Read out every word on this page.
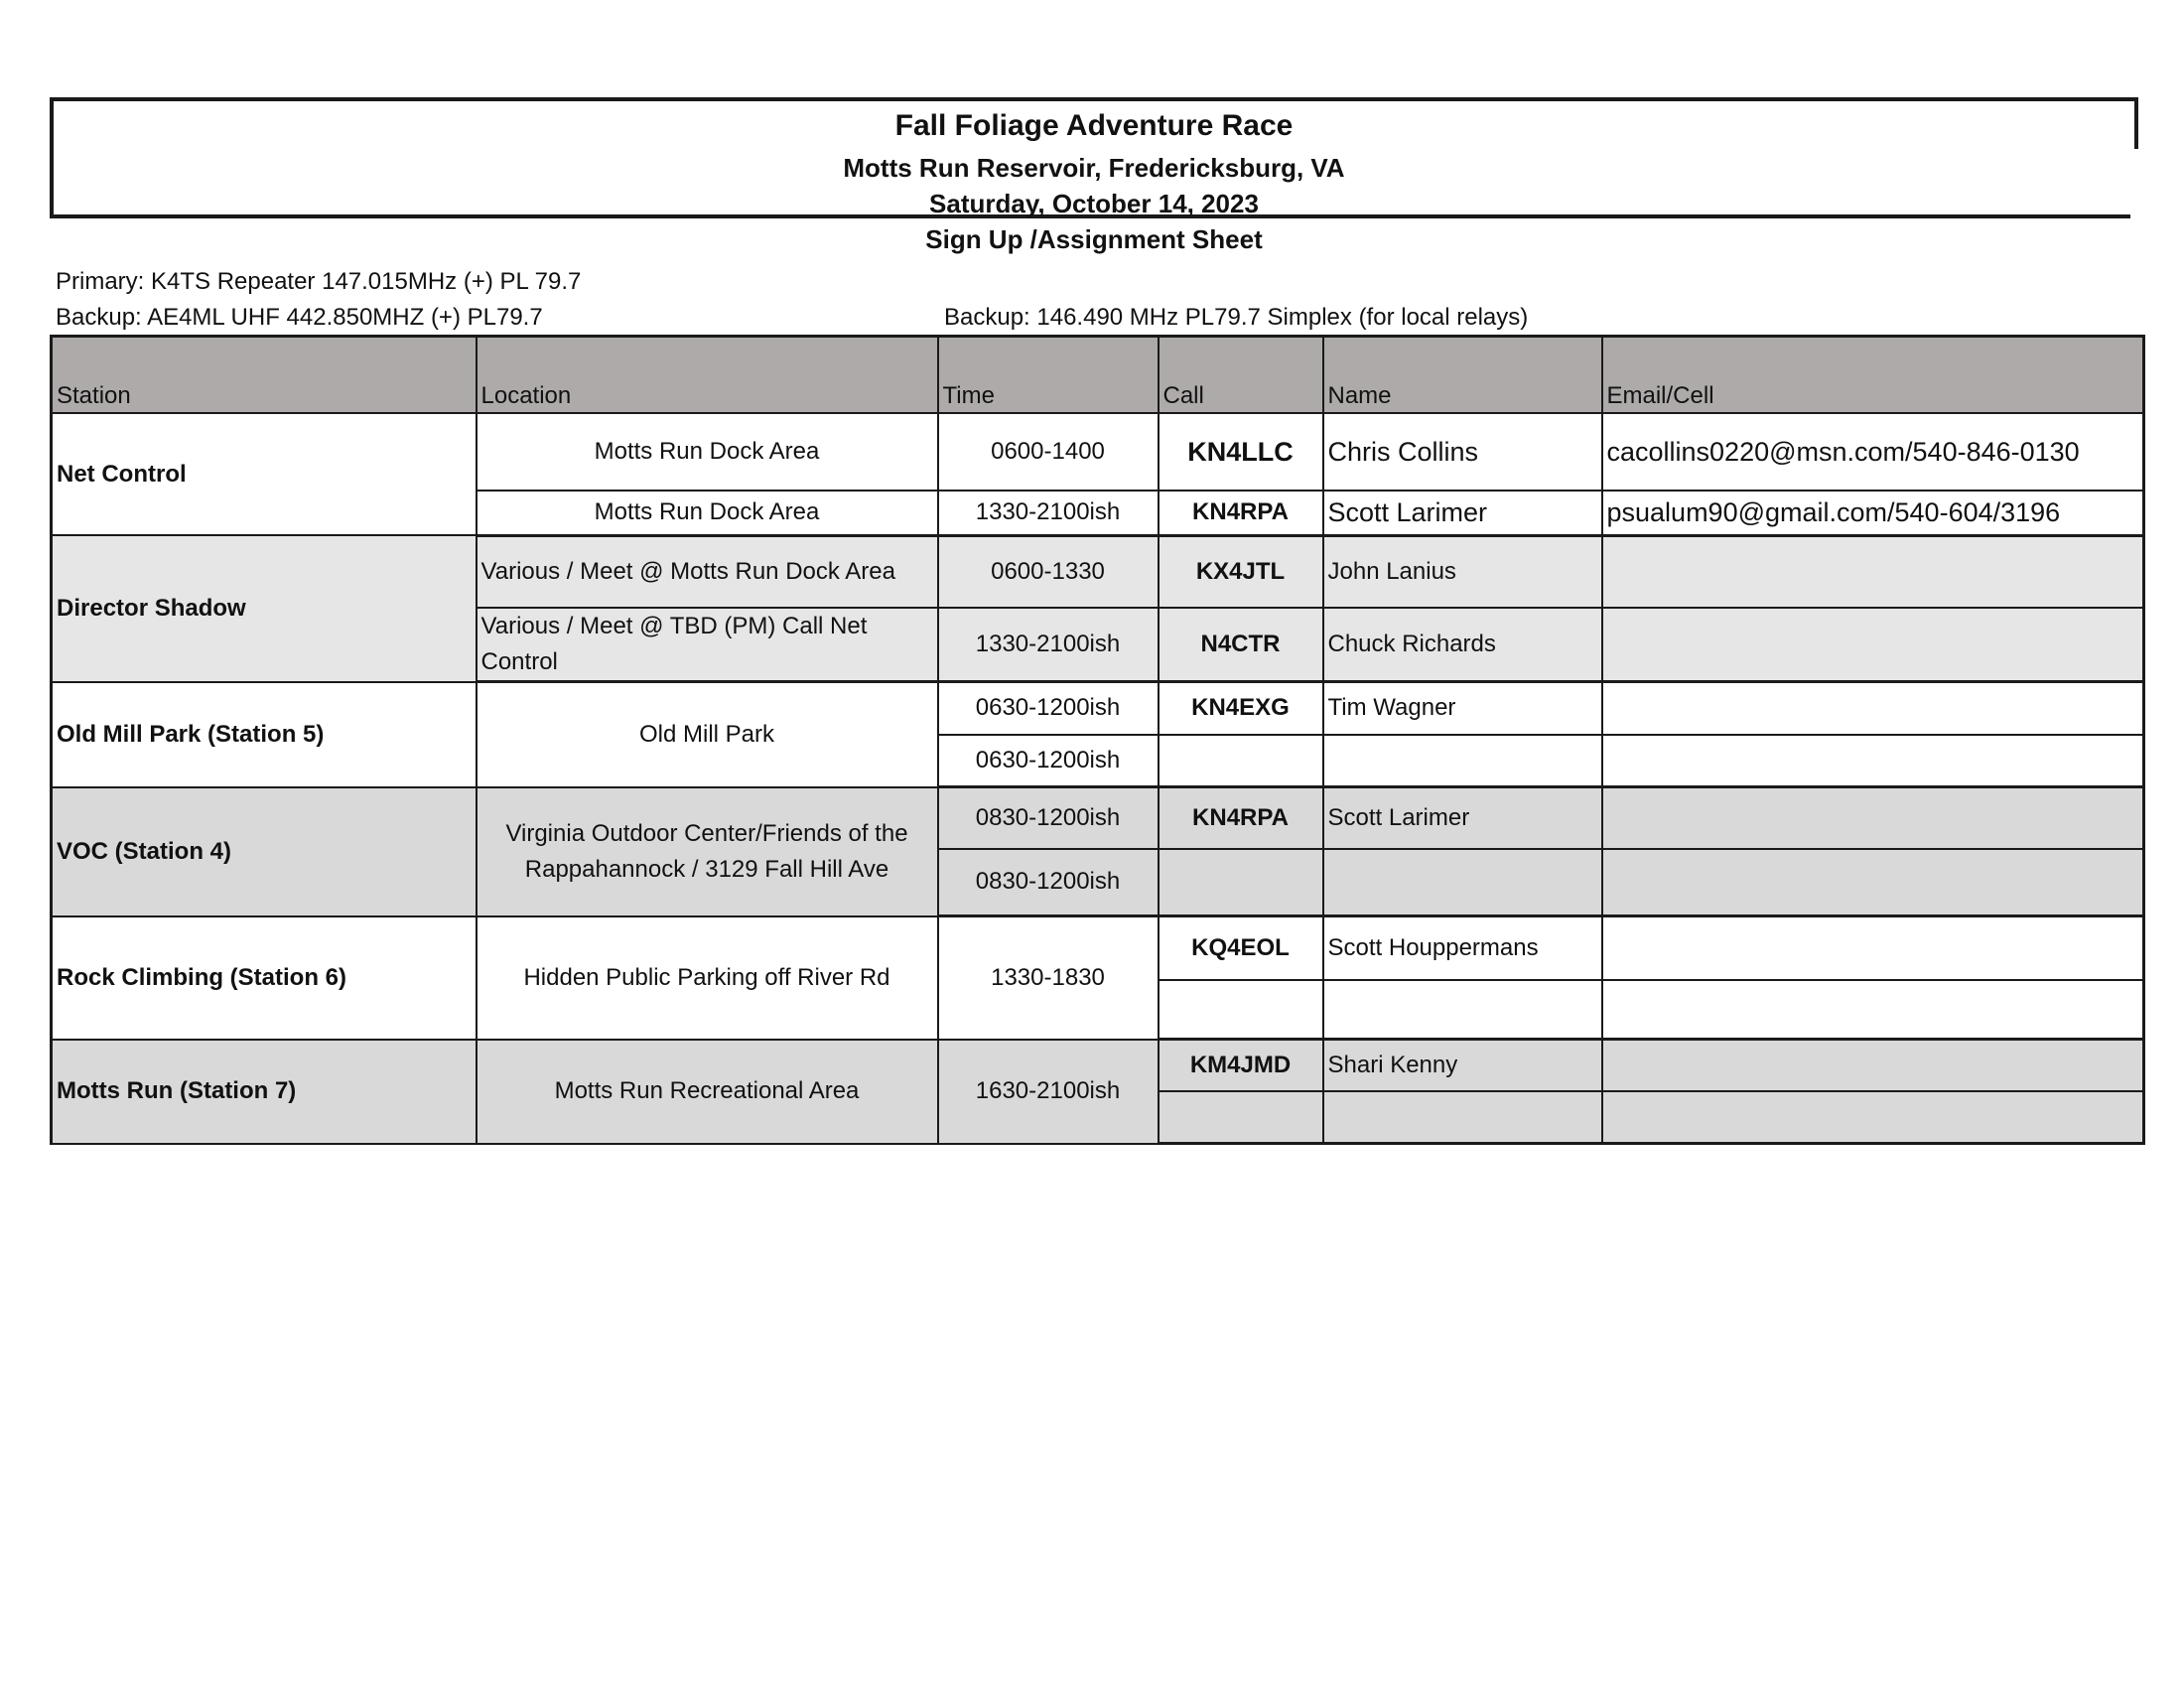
Fall Foliage Adventure Race
Motts Run Reservoir, Fredericksburg, VA
Saturday, October 14, 2023
Sign Up /Assignment Sheet
Primary: K4TS Repeater 147.015MHz (+) PL 79.7
Backup: AE4ML UHF 442.850MHZ (+) PL79.7	Backup: 146.490 MHz PL79.7 Simplex (for local relays)
Station	Location	Time	Call	Name	Email/Cell
Net Control	Motts Run Dock Area	0600-1400	KN4LLC	Chris Collins	cacollins0220@msn.com/540-846-0130
	Motts Run Dock Area	1330-2100ish	KN4RPA	Scott Larimer	psualum90@gmail.com/540-604/3196
Director Shadow	Various / Meet @ Motts Run Dock Area	0600-1330	KX4JTL	John Lanius	
	Various / Meet @ TBD (PM) Call Net Control	1330-2100ish	N4CTR	Chuck Richards	
Old Mill Park (Station 5)	Old Mill Park	0630-1200ish	KN4EXG	Tim Wagner	
		0630-1200ish			
VOC (Station 4)	Virginia Outdoor Center/Friends of the Rappahannock / 3129 Fall Hill Ave	0830-1200ish	KN4RPA	Scott Larimer	
		0830-1200ish			
Rock Climbing (Station 6)	Hidden Public Parking off River Rd	1330-1830	KQ4EOL	Scott Houppermans	

Motts Run (Station 7)	Motts Run Recreational Area	1630-2100ish	KM4JMD	Shari Kenny	
